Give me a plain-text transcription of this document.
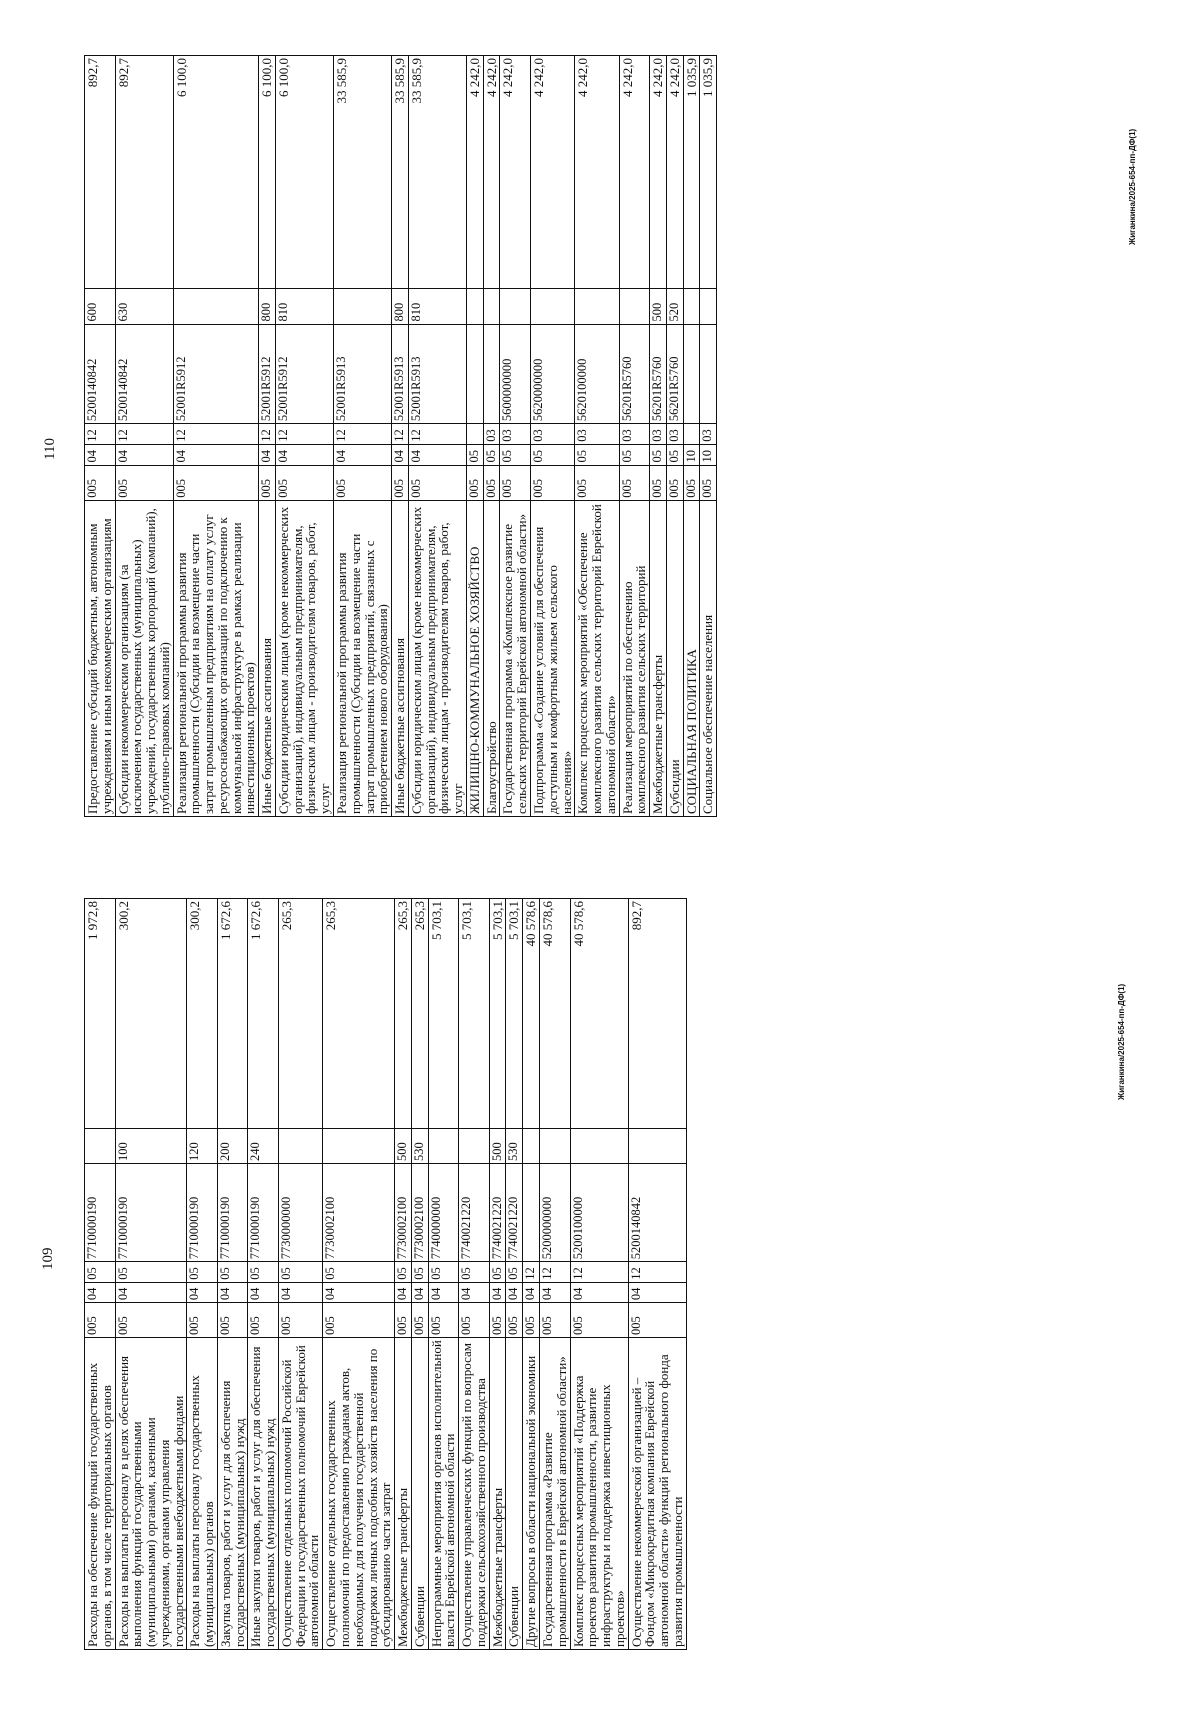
109
Расходы на обеспечение функций государственных органов, в том числе территориальных органов	005	04	05	7710000190		1 972,8
Расходы на выплаты персоналу в целях обеспечения выполнения функций государственными (муниципальными) органами, казенными учреждениями, органами управления государственными внебюджетными фондами	005	04	05	7710000190	100	300,2
Расходы на выплаты персоналу государственных (муниципальных) органов	005	04	05	7710000190	120	300,2
Закупка товаров, работ и услуг для обеспечения государственных (муниципальных) нужд	005	04	05	7710000190	200	1 672,6
Иные закупки товаров, работ и услуг для обеспечения государственных (муниципальных) нужд	005	04	05	7710000190	240	1 672,6
Осуществление отдельных полномочий Российской Федерации и государственных полномочий Еврейской автономной области	005	04	05	7730000000		265,3
Осуществление отдельных государственных полномочий по предоставлению гражданам актов, необходимых для получения государственной поддержки личных подсобных хозяйств населения по субсидированию части затрат	005	04	05	7730002100		265,3
Межбюджетные трансферты	005	04	05	7730002100	500	265,3
Субвенции	005	04	05	7730002100	530	265,3
Непрограммные мероприятия органов исполнительной власти Еврейской автономной области	005	04	05	7740000000		5 703,1
Осуществление управленческих функций по вопросам поддержки сельскохозяйственного производства	005	04	05	7740021220		5 703,1
Межбюджетные трансферты	005	04	05	7740021220	500	5 703,1
Субвенции	005	04	05	7740021220	530	5 703,1
Другие вопросы в области национальной экономики	005	04	12			40 578,6
Государственная программа «Развитие промышленности в Еврейской автономной области»	005	04	12	5200000000		40 578,6
Комплекс процессных мероприятий «Поддержка проектов развития промышленности, развитие инфраструктуры и поддержка инвестиционных проектов»	005	04	12	5200100000		40 578,6
Осуществление некоммерческой организацией – Фондом «Микрокредитная компания Еврейской автономной области» функций регионального фонда развития промышленности	005	04	12	5200140842		892,7
Жиганкина/2025-654-пп-ДФ(1)
110
Предоставление субсидий бюджетным, автономным учреждениям и иным некоммерческим организациям	005	04	12	5200140842	600	892,7
Субсидии некоммерческим организациям (за исключением государственных (муниципальных) учреждений, государственных корпораций (компаний), публично-правовых компаний)	005	04	12	5200140842	630	892,7
Реализация региональной программы развития промышленности (Субсидии на возмещение части затрат промышленным предприятиям на оплату услуг ресурсоснабжающих организаций по подключению к коммунальной инфраструктуре в рамках реализации инвестиционных проектов)	005	04	12	52001R5912		6 100,0
Иные бюджетные ассигнования	005	04	12	52001R5912	800	6 100,0
Субсидии юридическим лицам (кроме некоммерческих организаций), индивидуальным предпринимателям, физическим лицам - производителям товаров, работ, услуг	005	04	12	52001R5912	810	6 100,0
Реализация региональной программы развития промышленности (Субсидии на возмещение части затрат промышленных предприятий, связанных с приобретением нового оборудования)	005	04	12	52001R5913		33 585,9
Иные бюджетные ассигнования	005	04	12	52001R5913	800	33 585,9
Субсидии юридическим лицам (кроме некоммерческих организаций), индивидуальным предпринимателям, физическим лицам - производителям товаров, работ, услуг	005	04	12	52001R5913	810	33 585,9
ЖИЛИЩНО-КОММУНАЛЬНОЕ ХОЗЯЙСТВО	005	05				4 242,0
Благоустройство	005	05	03			4 242,0
Государственная программа «Комплексное развитие сельских территорий Еврейской автономной области»	005	05	03	5600000000		4 242,0
Подпрограмма «Создание условий для обеспечения доступным и комфортным жильем сельского населения»	005	05	03	5620000000		4 242,0
Комплекс процессных мероприятий «Обеспечение комплексного развития сельских территорий Еврейской автономной области»	005	05	03	5620100000		4 242,0
Реализация мероприятий по обеспечению комплексного развития сельских территорий	005	05	03	56201R5760		4 242,0
Межбюджетные трансферты	005	05	03	56201R5760	500	4 242,0
Субсидии	005	05	03	56201R5760	520	4 242,0
СОЦИАЛЬНАЯ ПОЛИТИКА	005	10				1 035,9
Социальное обеспечение населения	005	10	03			1 035,9
Жиганкина/2025-654-пп-ДФ(1)
